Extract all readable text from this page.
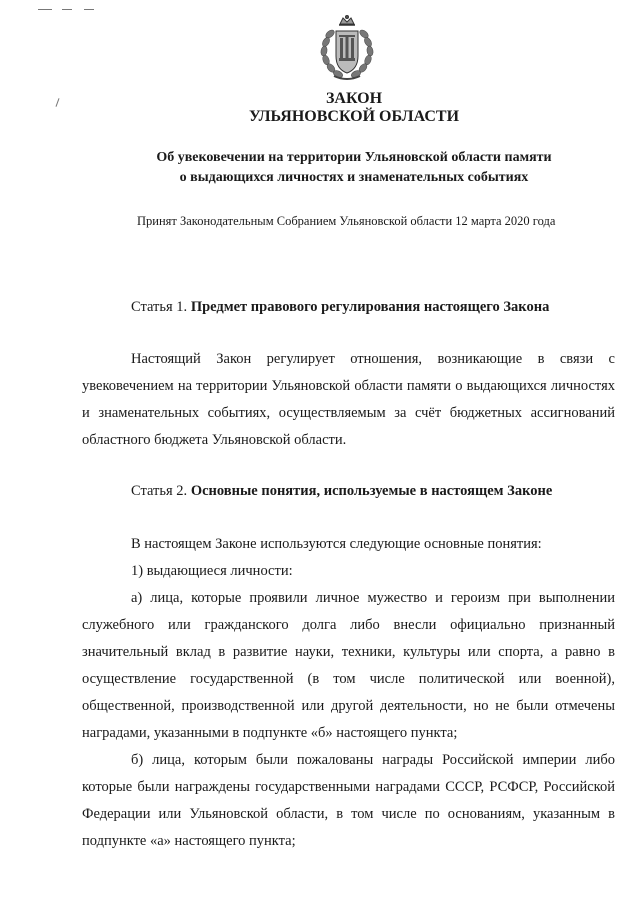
ЗАКОН
УЛЬЯНОВСКОЙ ОБЛАСТИ
Об увековечении на территории Ульяновской области памяти
о выдающихся личностях и знаменательных событиях
Принят Законодательным Собранием Ульяновской области 12 марта 2020 года
Статья 1. Предмет правового регулирования настоящего Закона

Настоящий Закон регулирует отношения, возникающие в связи с увековечением на территории Ульяновской области памяти о выдающихся личностях и знаменательных событиях, осуществляемым за счёт бюджетных ассигнований областного бюджета Ульяновской области.

Статья 2. Основные понятия, используемые в настоящем Законе

В настоящем Законе используются следующие основные понятия:

1) выдающиеся личности:

а) лица, которые проявили личное мужество и героизм при выполнении служебного или гражданского долга либо внесли официально признанный значительный вклад в развитие науки, техники, культуры или спорта, а равно в осуществление государственной (в том числе политической или военной), общественной, производственной или другой деятельности, но не были отмечены наградами, указанными в подпункте «б» настоящего пункта;

б) лица, которым были пожалованы награды Российской империи либо которые были награждены государственными наградами СССР, РСФСР, Российской Федерации или Ульяновской области, в том числе по основаниям, указанным в подпункте «а» настоящего пункта;
